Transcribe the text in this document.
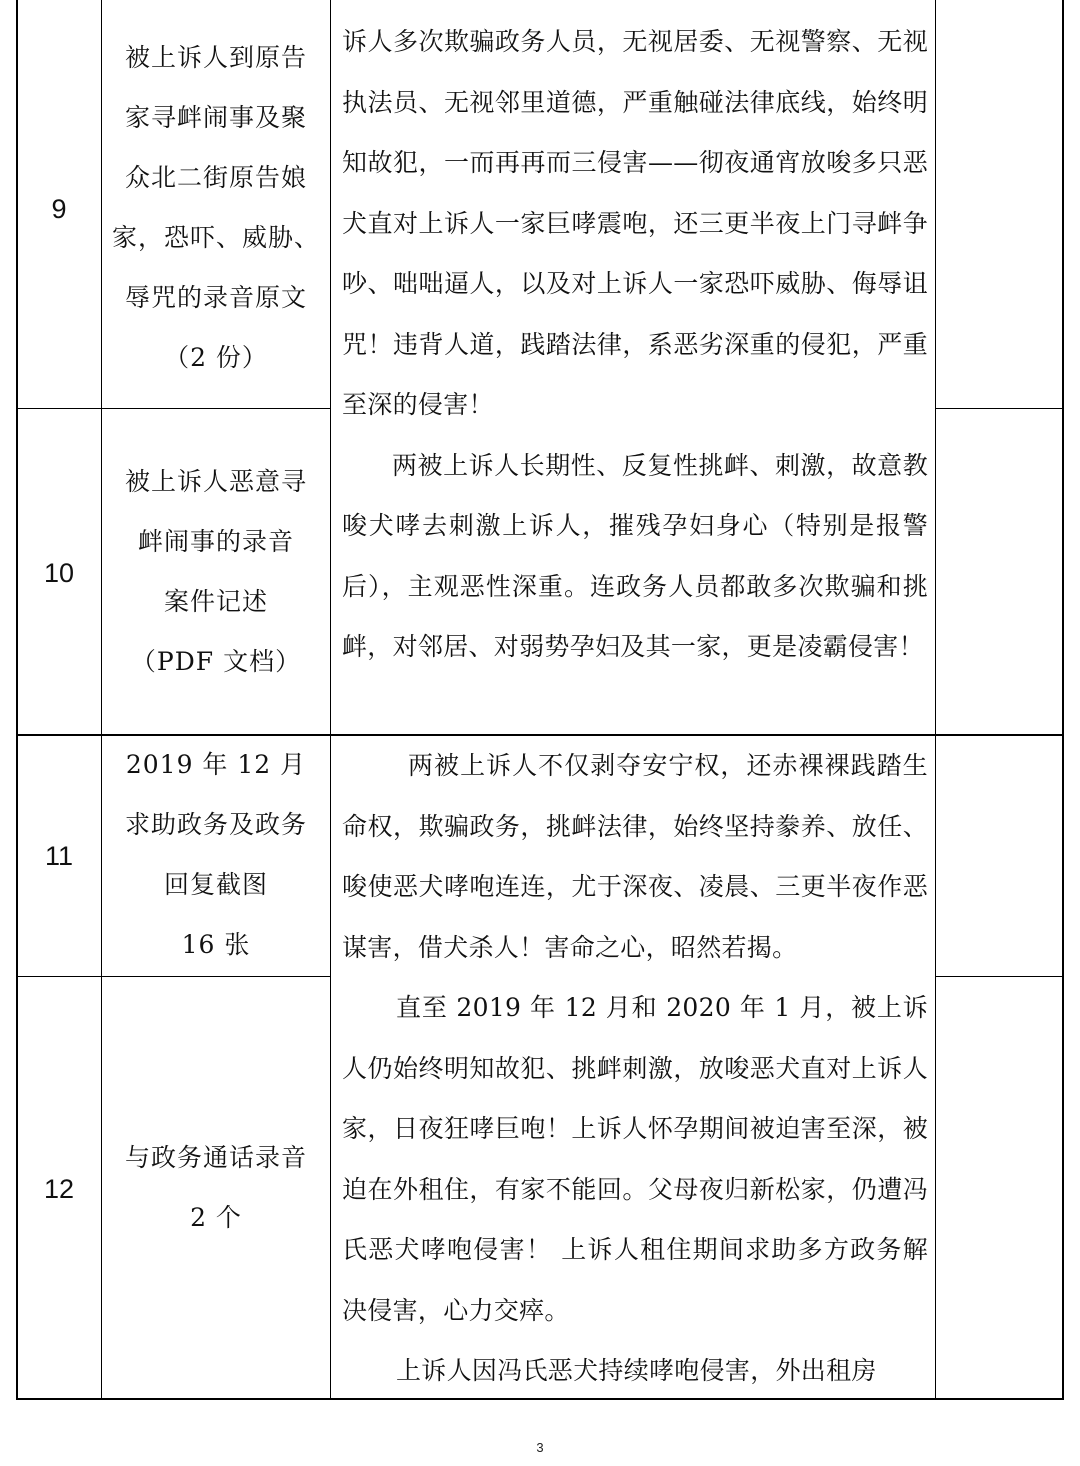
9
10
11
12
被上诉人到原告
家寻衅闹事及聚
众北二街原告娘
家，恐吓、威胁、
辱咒的录音原文
（2 份）
被上诉人恶意寻
衅闹事的录音
案件记述
（PDF 文档）
2019 年 12 月
求助政务及政务
回复截图
16 张
与政务通话录音
2 个

诉人多次欺骗政务人员，无视居委、无视警察、无视执法员、无视邻里道德，严重触碰法律底线，始终明知故犯，一而再再而三侵害——彻夜通宵放唆多只恶犬直对上诉人一家巨哮震咆，还三更半夜上门寻衅争吵、咄咄逼人，以及对上诉人一家恐吓威胁、侮辱诅咒！违背人道，践踏法律，系恶劣深重的侵犯，严重至深的侵害！

两被上诉人长期性、反复性挑衅、刺激，故意教唆犬哮去刺激上诉人，摧残孕妇身心（特别是报警后），主观恶性深重。连政务人员都敢多次欺骗和挑衅，对邻居、对弱势孕妇及其一家，更是凌霸侵害！

两被上诉人不仅剥夺安宁权，还赤裸裸践踏生命权，欺骗政务，挑衅法律，始终坚持豢养、放任、唆使恶犬哮咆连连，尤于深夜、凌晨、三更半夜作恶谋害，借犬杀人！害命之心，昭然若揭。

直至 2019 年 12 月和 2020 年 1 月，被上诉人仍始终明知故犯、挑衅刺激，放唆恶犬直对上诉人家，日夜狂哮巨咆！上诉人怀孕期间被迫害至深，被迫在外租住，有家不能回。父母夜归新松家，仍遭冯氏恶犬哮咆侵害！ 上诉人租住期间求助多方政务解决侵害，心力交瘁。

上诉人因冯氏恶犬持续哮咆侵害，外出租房

3
